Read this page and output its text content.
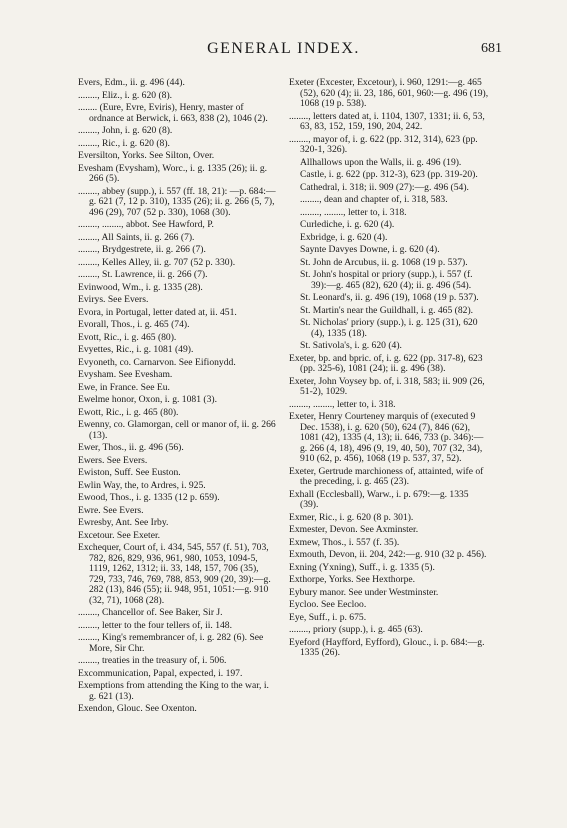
GENERAL INDEX.	681

Evers, Edm., ii. g. 496 (44).

........, Eliz., i. g. 620 (8).

........ (Eure, Evre, Eviris), Henry, master of ordnance at Berwick, i. 663, 838 (2), 1046 (2).

........, John, i. g. 620 (8).

........, Ric., i. g. 620 (8).

Eversilton, Yorks. See Silton, Over.

Evesham (Evysham), Worc., i. g. 1335 (26); ii. g. 266 (5).

........, abbey (supp.), i. 557 (ff. 18, 21): —p. 684:—g. 621 (7, 12 p. 310), 1335 (26); ii. g. 266 (5, 7), 496 (29), 707 (52 p. 330), 1068 (30).

........, ........, abbot. See Hawford, P.

........, All Saints, ii. g. 266 (7).

........, Brydgestrete, ii. g. 266 (7).

........, Kelles Alley, ii. g. 707 (52 p. 330).

........, St. Lawrence, ii. g. 266 (7).

Evinwood, Wm., i. g. 1335 (28).

Evirys. See Evers.

Evora, in Portugal, letter dated at, ii. 451.

Evorall, Thos., i. g. 465 (74).

Evott, Ric., i. g. 465 (80).

Evyettes, Ric., i. g. 1081 (49).

Evyoneth, co. Carnarvon. See Eifionydd.

Evysham. See Evesham.

Ewe, in France. See Eu.

Ewelme honor, Oxon, i. g. 1081 (3).

Ewott, Ric., i. g. 465 (80).

Ewenny, co. Glamorgan, cell or manor of, ii. g. 266 (13).

Ewer, Thos., ii. g. 496 (56).

Ewers. See Evers.

Ewiston, Suff. See Euston.

Ewlin Way, the, to Ardres, i. 925.

Ewood, Thos., i. g. 1335 (12 p. 659).

Ewre. See Evers.

Ewresby, Ant. See Irby.

Excetour. See Exeter.

Exchequer, Court of, i. 434, 545, 557 (f. 51), 703, 782, 826, 829, 936, 961, 980, 1053, 1094-5, 1119, 1262, 1312; ii. 33, 148, 157, 706 (35), 729, 733, 746, 769, 788, 853, 909 (20, 39):—g. 282 (13), 846 (55); ii. 948, 951, 1051:—g. 910 (32, 71), 1068 (28).

........, Chancellor of. See Baker, Sir J.

........, letter to the four tellers of, ii. 148.

........, King's remembrancer of, i. g. 282 (6). See More, Sir Chr.

........, treaties in the treasury of, i. 506.

Excommunication, Papal, expected, i. 197.

Exemptions from attending the King to the war, i. g. 621 (13).

Exendon, Glouc. See Oxenton.

Exeter (Excester, Excetour), i. 960, 1291:—g. 465 (52), 620 (4); ii. 23, 186, 601, 960:—g. 496 (19), 1068 (19 p. 538).

........, letters dated at, i. 1104, 1307, 1331; ii. 6, 53, 63, 83, 152, 159, 190, 204, 242.

........, mayor of, i. g. 622 (pp. 312, 314), 623 (pp. 320-1, 326).

Allhallows upon the Walls, ii. g. 496 (19).

Castle, i. g. 622 (pp. 312-3), 623 (pp. 319-20).

Cathedral, i. 318; ii. 909 (27):—g. 496 (54).

........, dean and chapter of, i. 318, 583.

........, ........, letter to, i. 318.

Curlediche, i. g. 620 (4).

Exbridge, i. g. 620 (4).

Saynte Davyes Downe, i. g. 620 (4).

St. John de Arcubus, ii. g. 1068 (19 p. 537).

St. John's hospital or priory (supp.), i. 557 (f. 39):—g. 465 (82), 620 (4); ii. g. 496 (54).

St. Leonard's, ii. g. 496 (19), 1068 (19 p. 537).

St. Martin's near the Guildhall, i. g. 465 (82).

St. Nicholas' priory (supp.), i. g. 125 (31), 620 (4), 1335 (18).

St. Sativola's, i. g. 620 (4).

Exeter, bp. and bpric. of, i. g. 622 (pp. 317-8), 623 (pp. 325-6), 1081 (24); ii. g. 496 (38).

Exeter, John Voysey bp. of, i. 318, 583; ii. 909 (26, 51-2), 1029.

........, ........, letter to, i. 318.

Exeter, Henry Courteney marquis of (executed 9 Dec. 1538), i. g. 620 (50), 624 (7), 846 (62), 1081 (42), 1335 (4, 13); ii. 646, 733 (p. 346):—g. 266 (4, 18), 496 (9, 19, 40, 50), 707 (32, 34), 910 (62, p. 456), 1068 (19 p. 537, 37, 52).

Exeter, Gertrude marchioness of, attainted, wife of the preceding, i. g. 465 (23).

Exhall (Ecclesball), Warw., i. p. 679:—g. 1335 (39).

Exmer, Ric., i. g. 620 (8 p. 301).

Exmester, Devon. See Axminster.

Exmew, Thos., i. 557 (f. 35).

Exmouth, Devon, ii. 204, 242:—g. 910 (32 p. 456).

Exning (Yxning), Suff., i. g. 1335 (5).

Exthorpe, Yorks. See Hexthorpe.

Eybury manor. See under Westminster.

Eycloo. See Eecloo.

Eye, Suff., i. p. 675.

........, priory (supp.), i. g. 465 (63).

Eyeford (Hayfford, Eyfford), Glouc., i. p. 684:—g. 1335 (26).
